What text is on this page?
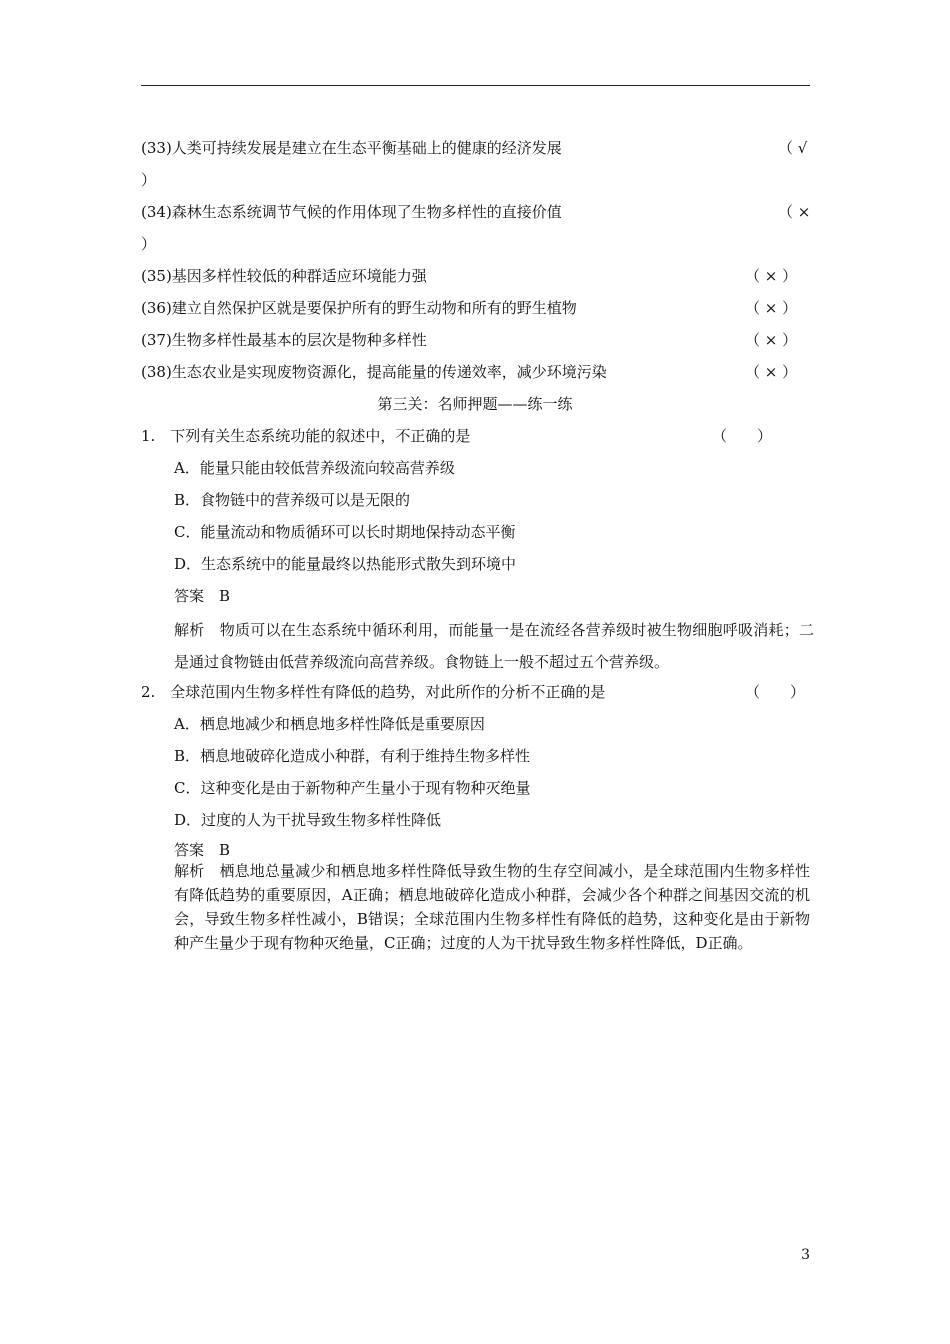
(33)人类可持续发展是建立在生态平衡基础上的健康的经济发展	（ √
）
(34)森林生态系统调节气候的作用体现了生物多样性的直接价值	（ ×
）
(35)基因多样性较低的种群适应环境能力强	（ × ）
(36)建立自然保护区就是要保护所有的野生动物和所有的野生植物	（ × ）
(37)生物多样性最基本的层次是物种多样性	（ × ）
(38)生态农业是实现废物资源化，提高能量的传递效率，减少环境污染	（ × ）
第三关：名师押题——练一练
1.　下列有关生态系统功能的叙述中，不正确的是	（　　）
A．能量只能由较低营养级流向较高营养级
B．食物链中的营养级可以是无限的
C．能量流动和物质循环可以长时期地保持动态平衡
D．生态系统中的能量最终以热能形式散失到环境中
答案　B
解析　物质可以在生态系统中循环利用，而能量一是在流经各营养级时被生物细胞呼吸消耗；二是通过食物链由低营养级流向高营养级。食物链上一般不超过五个营养级。
2.　全球范围内生物多样性有降低的趋势，对此所作的分析不正确的是	（　　）
A．栖息地减少和栖息地多样性降低是重要原因
B．栖息地破碎化造成小种群，有利于维持生物多样性
C．这种变化是由于新物种产生量小于现有物种灭绝量
D．过度的人为干扰导致生物多样性降低
答案　B
解析　栖息地总量减少和栖息地多样性降低导致生物的生存空间减小，是全球范围内生物多样性有降低趋势的重要原因，A正确；栖息地破碎化造成小种群，会减少各个种群之间基因交流的机会，导致生物多样性减小，B错误；全球范围内生物多样性有降低的趋势，这种变化是由于新物种产生量少于现有物种灭绝量，C正确；过度的人为干扰导致生物多样性降低，D正确。
3
